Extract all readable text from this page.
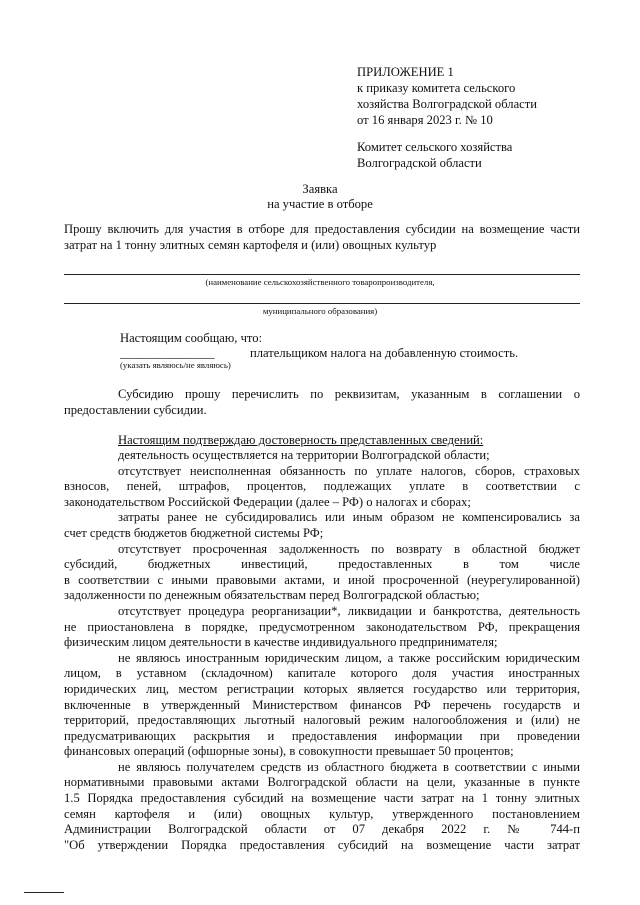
ПРИЛОЖЕНИЕ 1
к приказу комитета сельского
хозяйства Волгоградской области
от 16 января 2023 г. № 10
Комитет сельского хозяйства
Волгоградской области
Заявка
на участие в отборе
Прошу включить для участия в отборе для предоставления субсидии на возмещение части
затрат на 1 тонну элитных семян картофеля и (или) овощных культур
(наименование сельскохозяйственного товаропроизводителя,
муниципального образования)
Настоящим сообщаю, что:
_______________	плательщиком налога на добавленную стоимость.
(указать являюсь/не являюсь)
Субсидию прошу перечислить по реквизитам, указанным в соглашении о
предоставлении субсидии.
Настоящим подтверждаю достоверность представленных сведений:
деятельность осуществляется на территории Волгоградской области;
отсутствует неисполненная обязанность по уплате налогов, сборов, страховых
взносов, пеней, штрафов, процентов, подлежащих уплате в соответствии с
законодательством Российской Федерации (далее – РФ) о налогах и сборах;
затраты ранее не субсидировались или иным образом не компенсировались за
счет средств бюджетов бюджетной системы РФ;
отсутствует просроченная задолженность по возврату в областной бюджет
субсидий, бюджетных инвестиций, предоставленных в том числе
в соответствии с иными правовыми актами, и иной просроченной (неурегулированной)
задолженности по денежным обязательствам перед Волгоградской областью;
отсутствует процедура реорганизации*, ликвидации и банкротства, деятельность
не приостановлена в порядке, предусмотренном законодательством РФ, прекращения
физическим лицом деятельности в качестве индивидуального предпринимателя;
не являюсь иностранным юридическим лицом, а также российским юридическим
лицом, в уставном (складочном) капитале которого доля участия иностранных
юридических лиц, местом регистрации которых является государство или территория,
включенные в утвержденный Министерством финансов РФ перечень государств и
территорий, предоставляющих льготный налоговый режим налогообложения и (или) не
предусматривающих раскрытия и предоставления информации при проведении
финансовых операций (офшорные зоны), в совокупности превышает 50 процентов;
не являюсь получателем средств из областного бюджета в соответствии с иными
нормативными правовыми актами Волгоградской области на цели, указанные в пункте
1.5 Порядка предоставления субсидий на возмещение части затрат на 1 тонну элитных
семян картофеля и (или) овощных культур, утвержденного постановлением
Администрации Волгоградской области от 07 декабря 2022 г. № 744-п
"Об утверждении Порядка предоставления субсидий на возмещение части затрат
